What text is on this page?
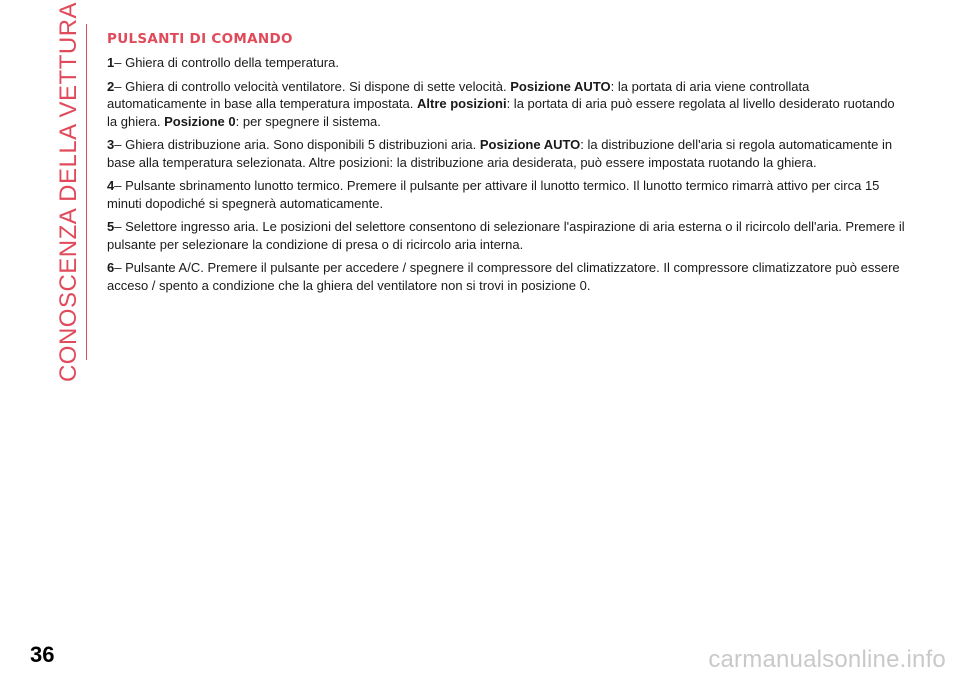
CONOSCENZA DELLA VETTURA PULSANTI DI COMANDO

1– Ghiera di controllo della temperatura.

2– Ghiera di controllo velocità ventilatore. Si dispone di sette velocità. Posizione AUTO: la portata di aria viene controllata automaticamente in base alla temperatura impostata. Altre posizioni: la portata di aria può essere regolata al livello desiderato ruotando la ghiera. Posizione 0: per spegnere il sistema.

3– Ghiera distribuzione aria. Sono disponibili 5 distribuzioni aria. Posizione AUTO: la distribuzione dell'aria si regola automaticamente in base alla temperatura selezionata. Altre posizioni: la distribuzione aria desiderata, può essere impostata ruotando la ghiera.

4– Pulsante sbrinamento lunotto termico. Premere il pulsante per attivare il lunotto termico. Il lunotto termico rimarrà attivo per circa 15 minuti dopodiché si spegnerà automaticamente.

5– Selettore ingresso aria. Le posizioni del selettore consentono di selezionare l'aspirazione di aria esterna o il ricircolo dell'aria. Premere il pulsante per selezionare la condizione di presa o di ricircolo aria interna.

6– Pulsante A/C. Premere il pulsante per accedere / spegnere il compressore del climatizzatore. Il compressore climatizzatore può essere acceso / spento a condizione che la ghiera del ventilatore non si trovi in posizione 0.

36	carmanualsonline.info
